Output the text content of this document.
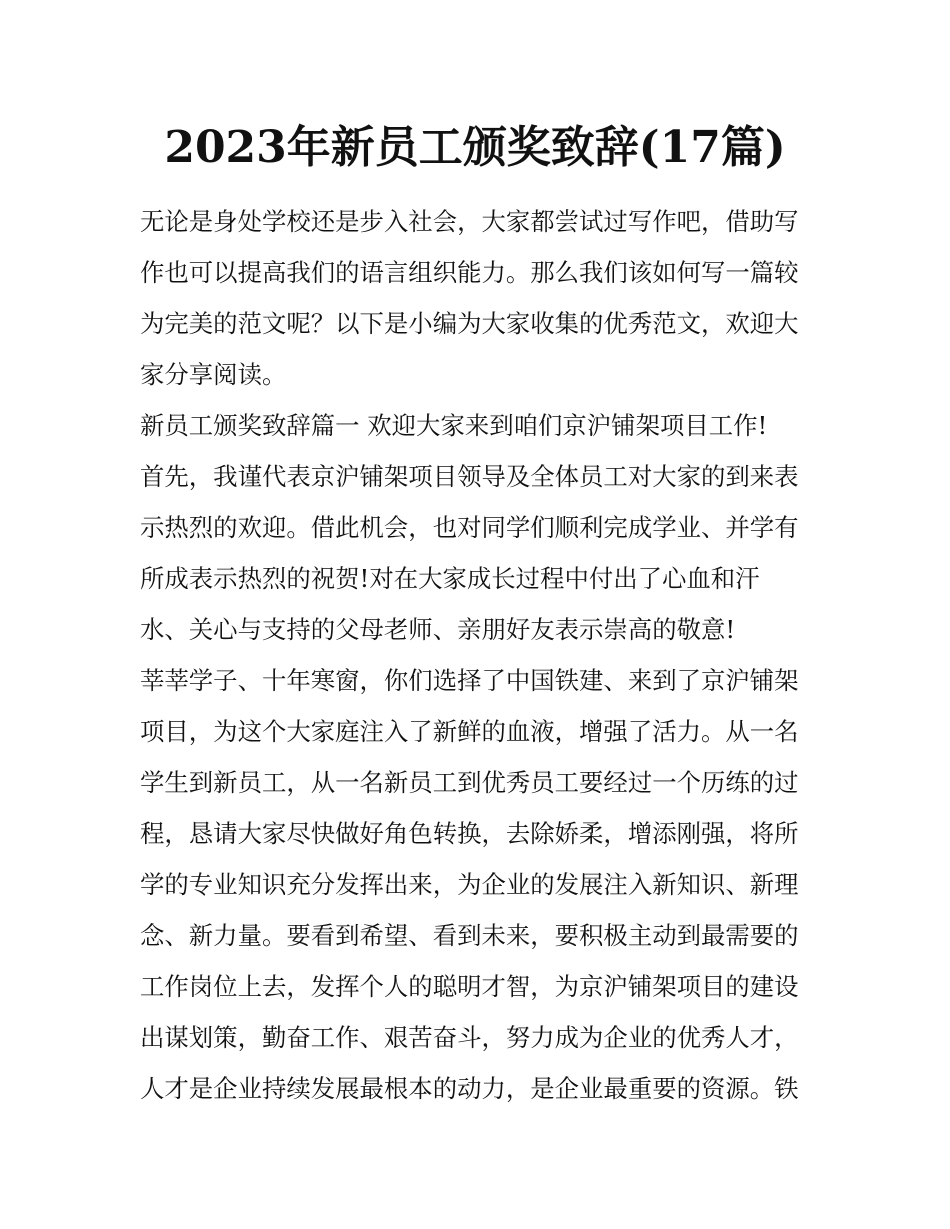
2023年新员工颁奖致辞(17篇)
无论是身处学校还是步入社会，大家都尝试过写作吧，借助写
作也可以提高我们的语言组织能力。那么我们该如何写一篇较
为完美的范文呢？以下是小编为大家收集的优秀范文，欢迎大
家分享阅读。
新员工颁奖致辞篇一 欢迎大家来到咱们京沪铺架项目工作!
首先，我谨代表京沪铺架项目领导及全体员工对大家的到来表
示热烈的欢迎。借此机会，也对同学们顺利完成学业、并学有
所成表示热烈的祝贺!对在大家成长过程中付出了心血和汗
水、关心与支持的父母老师、亲朋好友表示崇高的敬意!
莘莘学子、十年寒窗，你们选择了中国铁建、来到了京沪铺架
项目，为这个大家庭注入了新鲜的血液，增强了活力。从一名
学生到新员工，从一名新员工到优秀员工要经过一个历练的过
程，恳请大家尽快做好角色转换，去除娇柔，增添刚强，将所
学的专业知识充分发挥出来，为企业的发展注入新知识、新理
念、新力量。要看到希望、看到未来，要积极主动到最需要的
工作岗位上去，发挥个人的聪明才智，为京沪铺架项目的建设
出谋划策，勤奋工作、艰苦奋斗，努力成为企业的优秀人才，
人才是企业持续发展最根本的动力，是企业最重要的资源。铁
